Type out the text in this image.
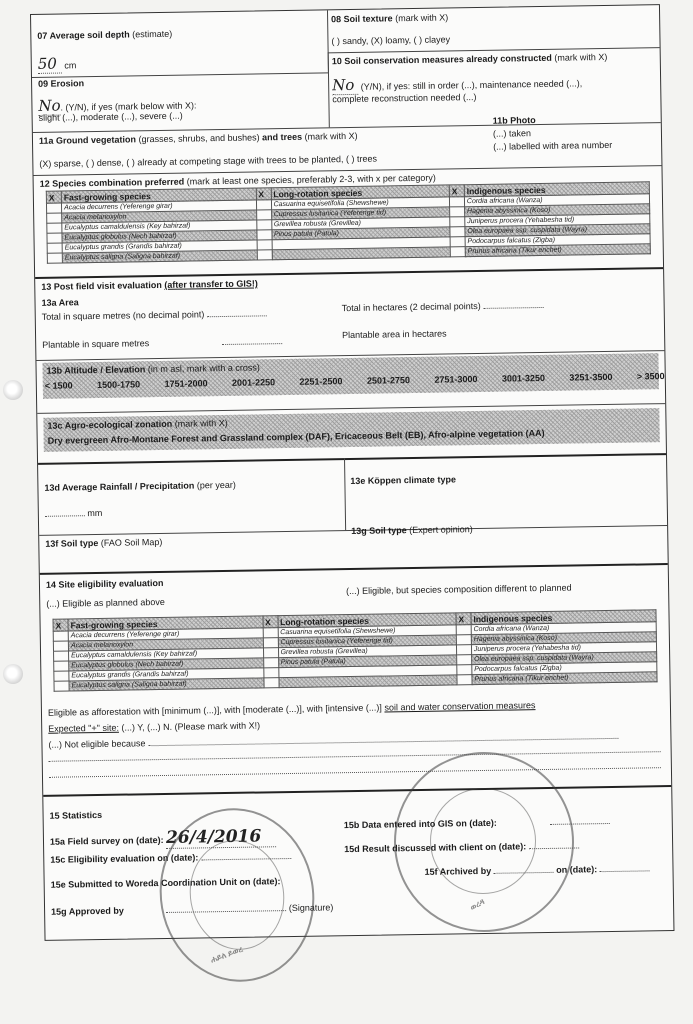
07 Average soil depth (estimate)
50 cm
08 Soil texture (mark with X)
( ) sandy, (X) loamy, ( ) clayey
09 Erosion
No. (Y/N), if yes (mark below with X):
slight (...), moderate (...), severe (...)
10 Soil conservation measures already constructed (mark with X)
No (Y/N), if yes: still in order (...), maintenance needed (...),
complete reconstruction needed (...)
11a Ground vegetation (grasses, shrubs, and bushes) and trees (mark with X)
(X) sparse, ( ) dense, ( ) already at competing stage with trees to be planted, ( ) trees
11b Photo
(...) taken
(...) labelled with area number
12 Species combination preferred (mark at least one species, preferably 2-3, with x per category)
X	Fast-growing species	X	Long-rotation species	X	Indigenous species
	Acacia decurrens (Yeferenge girar)		Casuarina equisetifolia (Shewshewe)		Cordia africana (Wanza)
	Acacia melanoxylon		Cupressus lusitanica (Yeferenge tid)		Hagenia abyssinica (Koso)
	Eucalyptus camaldulensis (Key bahirzaf)		Grevillea robusta (Grevillea)		Juniperus procera (Yehabesha tid)
	Eucalyptus globulus (Nech bahirzaf)		Pinus patula (Patula)		Olea europaea ssp. cuspidata (Wayra)
	Eucalyptus grandis (Grandis bahirzaf)				Podocarpus falcatus (Zigba)
	Eucalyptus saligna (Saligna bahirzaf)				Prunus africana (Tikur enchet)
13 Post field visit evaluation (after transfer to GIS!)
13a Area
Total in square metres (no decimal point)
Total in hectares (2 decimal points)
Plantable in square metres
Plantable area in hectares
13b Altitude / Elevation (in m asl, mark with a cross)
< 1500	1500-1750	1751-2000	2001-2250	2251-2500	2501-2750	2751-3000	3001-3250	3251-3500	> 3500
13c Agro-ecological zonation (mark with X)
Dry evergreen Afro-Montane Forest and Grassland complex (DAF), Ericaceous Belt (EB), Afro-alpine vegetation (AA)
13d Average Rainfall / Precipitation (per year)
mm
13e Köppen climate type
13f Soil type (FAO Soil Map)
13g Soil type (Expert opinion)
14 Site eligibility evaluation
(...) Eligible as planned above
(...) Eligible, but species composition different to planned
X	Fast-growing species	X	Long-rotation species	X	Indigenous species
	Acacia decurrens (Yeferenge girar)		Casuarina equisetifolia (Shewshewe)		Cordia africana (Wanza)
	Acacia melanoxylon		Cupressus lusitanica (Yeferenge tid)		Hagenia abyssinica (Koso)
	Eucalyptus camaldulensis (Key bahirzaf)		Grevillea robusta (Grevillea)		Juniperus procera (Yehabesha tid)
	Eucalyptus globulus (Nech bahirzaf)		Pinus patula (Patula)		Olea europaea ssp. cuspidata (Wayra)
	Eucalyptus grandis (Grandis bahirzaf)				Podocarpus falcatus (Zigba)
	Eucalyptus saligna (Saligna bahirzaf)				Prunus africana (Tikur enchet)
Eligible as afforestation with [minimum (...)], with [moderate (...)], with [intensive (...)] soil and water conservation measures
Expected "+" site: (...) Y, (...) N. (Please mark with X!)
(...) Not eligible because
15 Statistics
15a Field survey on (date): 26/4/2016
15b Data entered into GIS on (date):
15c Eligibility evaluation on (date):
15d Result discussed with client on (date):
15e Submitted to Woreda Coordination Unit on (date):
15f Archived by	on (date):
15g Approved by	(Signature)
ሐይለ ይወረ
ወረዳ
